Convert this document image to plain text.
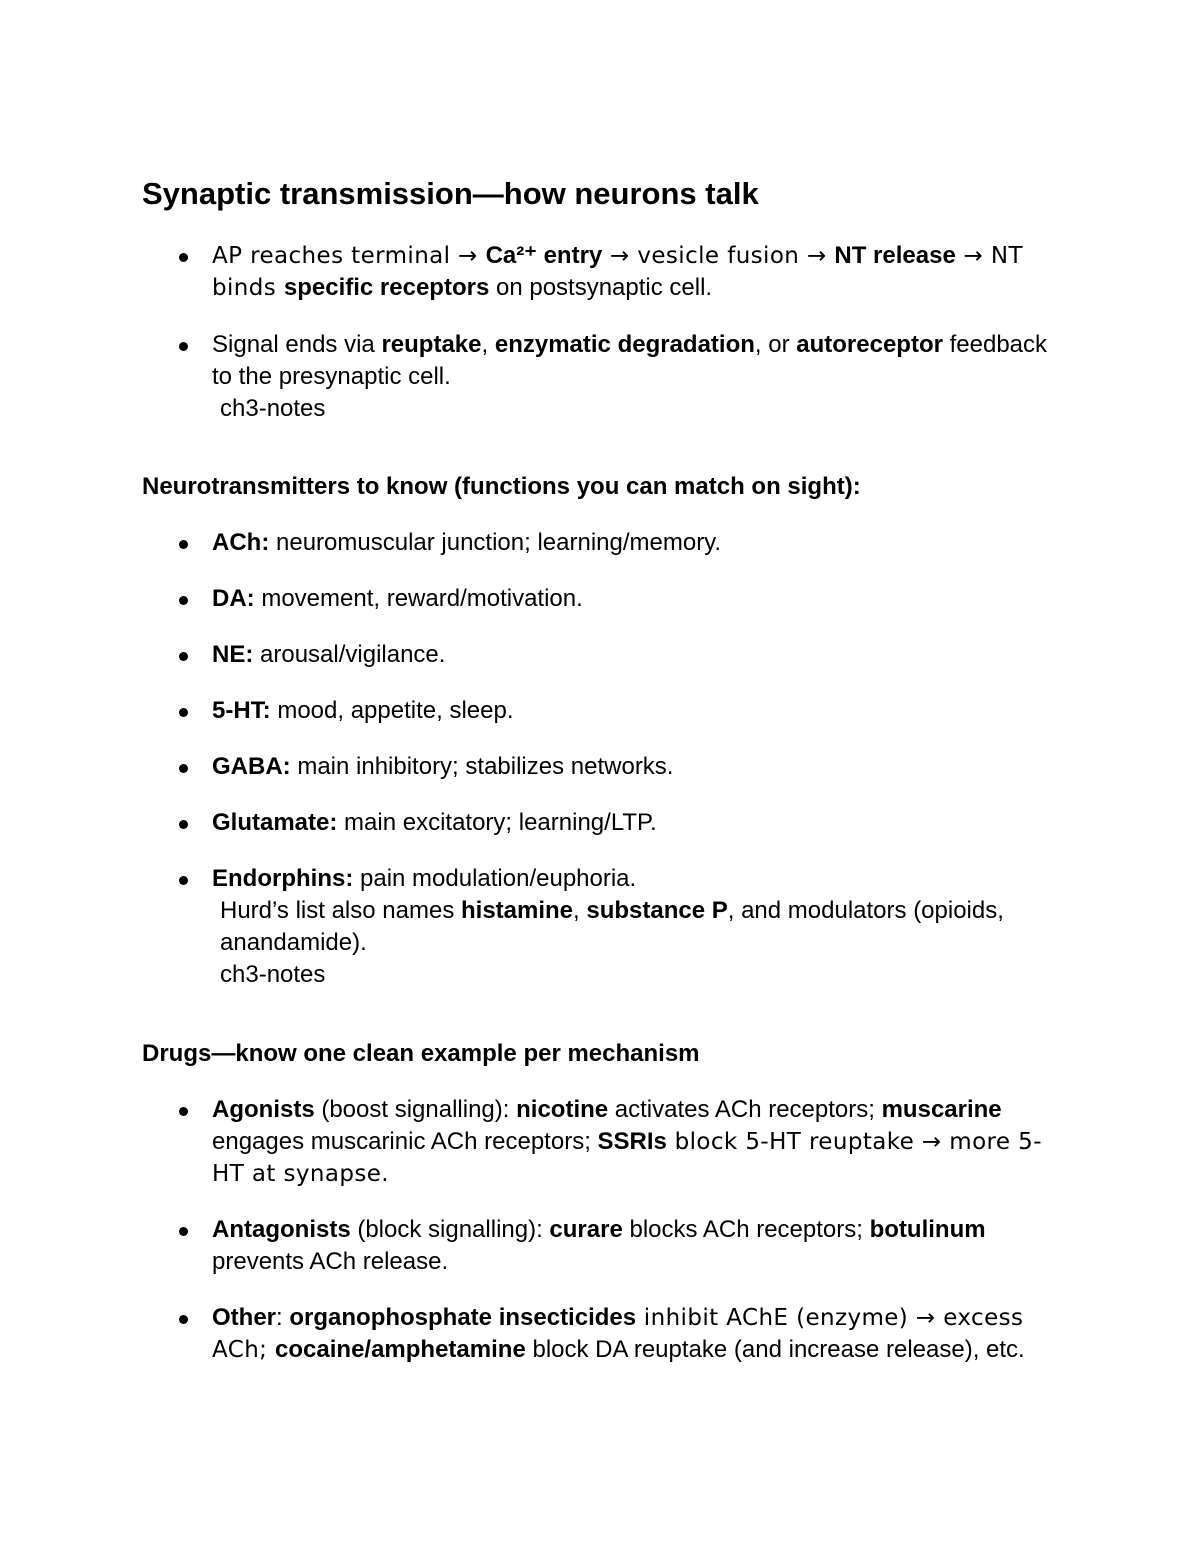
Synaptic transmission—how neurons talk
AP reaches terminal → Ca²⁺ entry → vesicle fusion → NT release → NT binds specific receptors on postsynaptic cell.
Signal ends via reuptake, enzymatic degradation, or autoreceptor feedback to the presynaptic cell.
ch3-notes
Neurotransmitters to know (functions you can match on sight):
ACh: neuromuscular junction; learning/memory.
DA: movement, reward/motivation.
NE: arousal/vigilance.
5-HT: mood, appetite, sleep.
GABA: main inhibitory; stabilizes networks.
Glutamate: main excitatory; learning/LTP.
Endorphins: pain modulation/euphoria.
Hurd’s list also names histamine, substance P, and modulators (opioids, anandamide).
ch3-notes
Drugs—know one clean example per mechanism
Agonists (boost signalling): nicotine activates ACh receptors; muscarine engages muscarinic ACh receptors; SSRIs block 5-HT reuptake → more 5-HT at synapse.
Antagonists (block signalling): curare blocks ACh receptors; botulinum prevents ACh release.
Other: organophosphate insecticides inhibit AChE (enzyme) → excess ACh; cocaine/amphetamine block DA reuptake (and increase release), etc.
